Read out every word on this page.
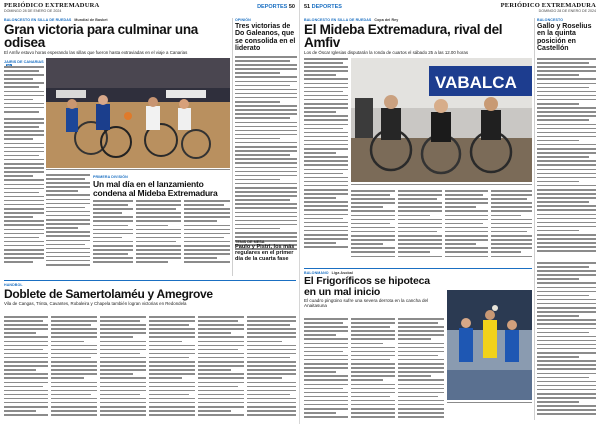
PERIÓDICO EXTREMADURA
DOMINGO 28 DE ENERO DE 2024
DEPORTES 50
BALONCESTO EN SILLA DE RUEDAS Mundial de Basket
Gran victoria para culminar una odisea
El Amfiv estuvo horas esperando las sillas que fueron hasta extraviadas en el viaje a Canarias
OPINIÓN
Tres victorias de Do Galeanos, que se consolida en el liderato
JAIRIS DE CANARIAS
PRIMERA DIVISIÓN
Un mal día en el lanzamiento condena al Mideba Extremadura
TENIS DE MESA
Paulo y Pistri, los más regulares en el primer día de la cuarta fase
HANDBOL
Doblete de Samertolaméu y Amegrove
Vila de Cangas, Trinta, Cavantes, Robaleira y Chapela también logran victorias en Redondela
51 DEPORTES	PERIÓDICO EXTREMADURA
DOMINGO 28 DE ENERO DE 2024
BALONCESTO EN SILLA DE RUEDAS Copa del Rey
El Mideba Extremadura, rival del Amfiv
Los de Óscar Iglesias disputarán la ronda de cuartos el sábado 25 a las 12.00 horas
BALONCESTO
Gallo y Roselius en la quinta posición en Castellón
VABALCA
BALONMANO Liga Asobal
El Frigoríficos se hipoteca en un mal inicio
El cuadro pingüino sufre una severa derrota en la cancha del Anaitasuna
